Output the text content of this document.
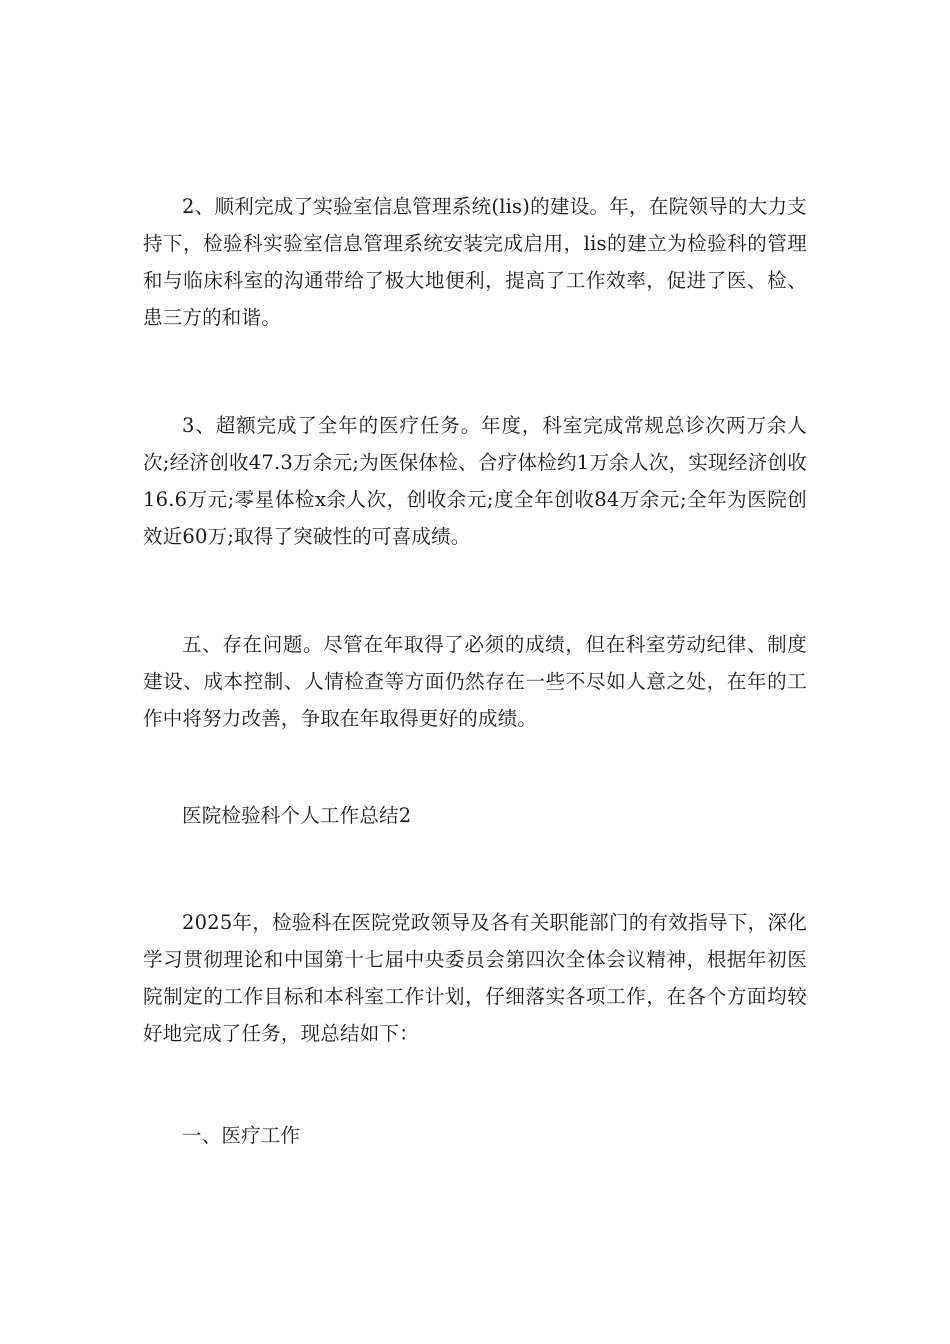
2、顺利完成了实验室信息管理系统(lis)的建设。年，在院领导的大力支持下，检验科实验室信息管理系统安装完成启用，lis的建立为检验科的管理和与临床科室的沟通带给了极大地便利，提高了工作效率，促进了医、检、患三方的和谐。

3、超额完成了全年的医疗任务。年度，科室完成常规总诊次两万余人次;经济创收47.3万余元;为医保体检、合疗体检约1万余人次，实现经济创收16.6万元;零星体检x余人次，创收余元;度全年创收84万余元;全年为医院创效近60万;取得了突破性的可喜成绩。

五、存在问题。尽管在年取得了必须的成绩，但在科室劳动纪律、制度建设、成本控制、人情检查等方面仍然存在一些不尽如人意之处，在年的工作中将努力改善，争取在年取得更好的成绩。

医院检验科个人工作总结2

2025年，检验科在医院党政领导及各有关职能部门的有效指导下，深化学习贯彻理论和中国第十七届中央委员会第四次全体会议精神，根据年初医院制定的工作目标和本科室工作计划，仔细落实各项工作，在各个方面均较好地完成了任务，现总结如下：

一、医疗工作
